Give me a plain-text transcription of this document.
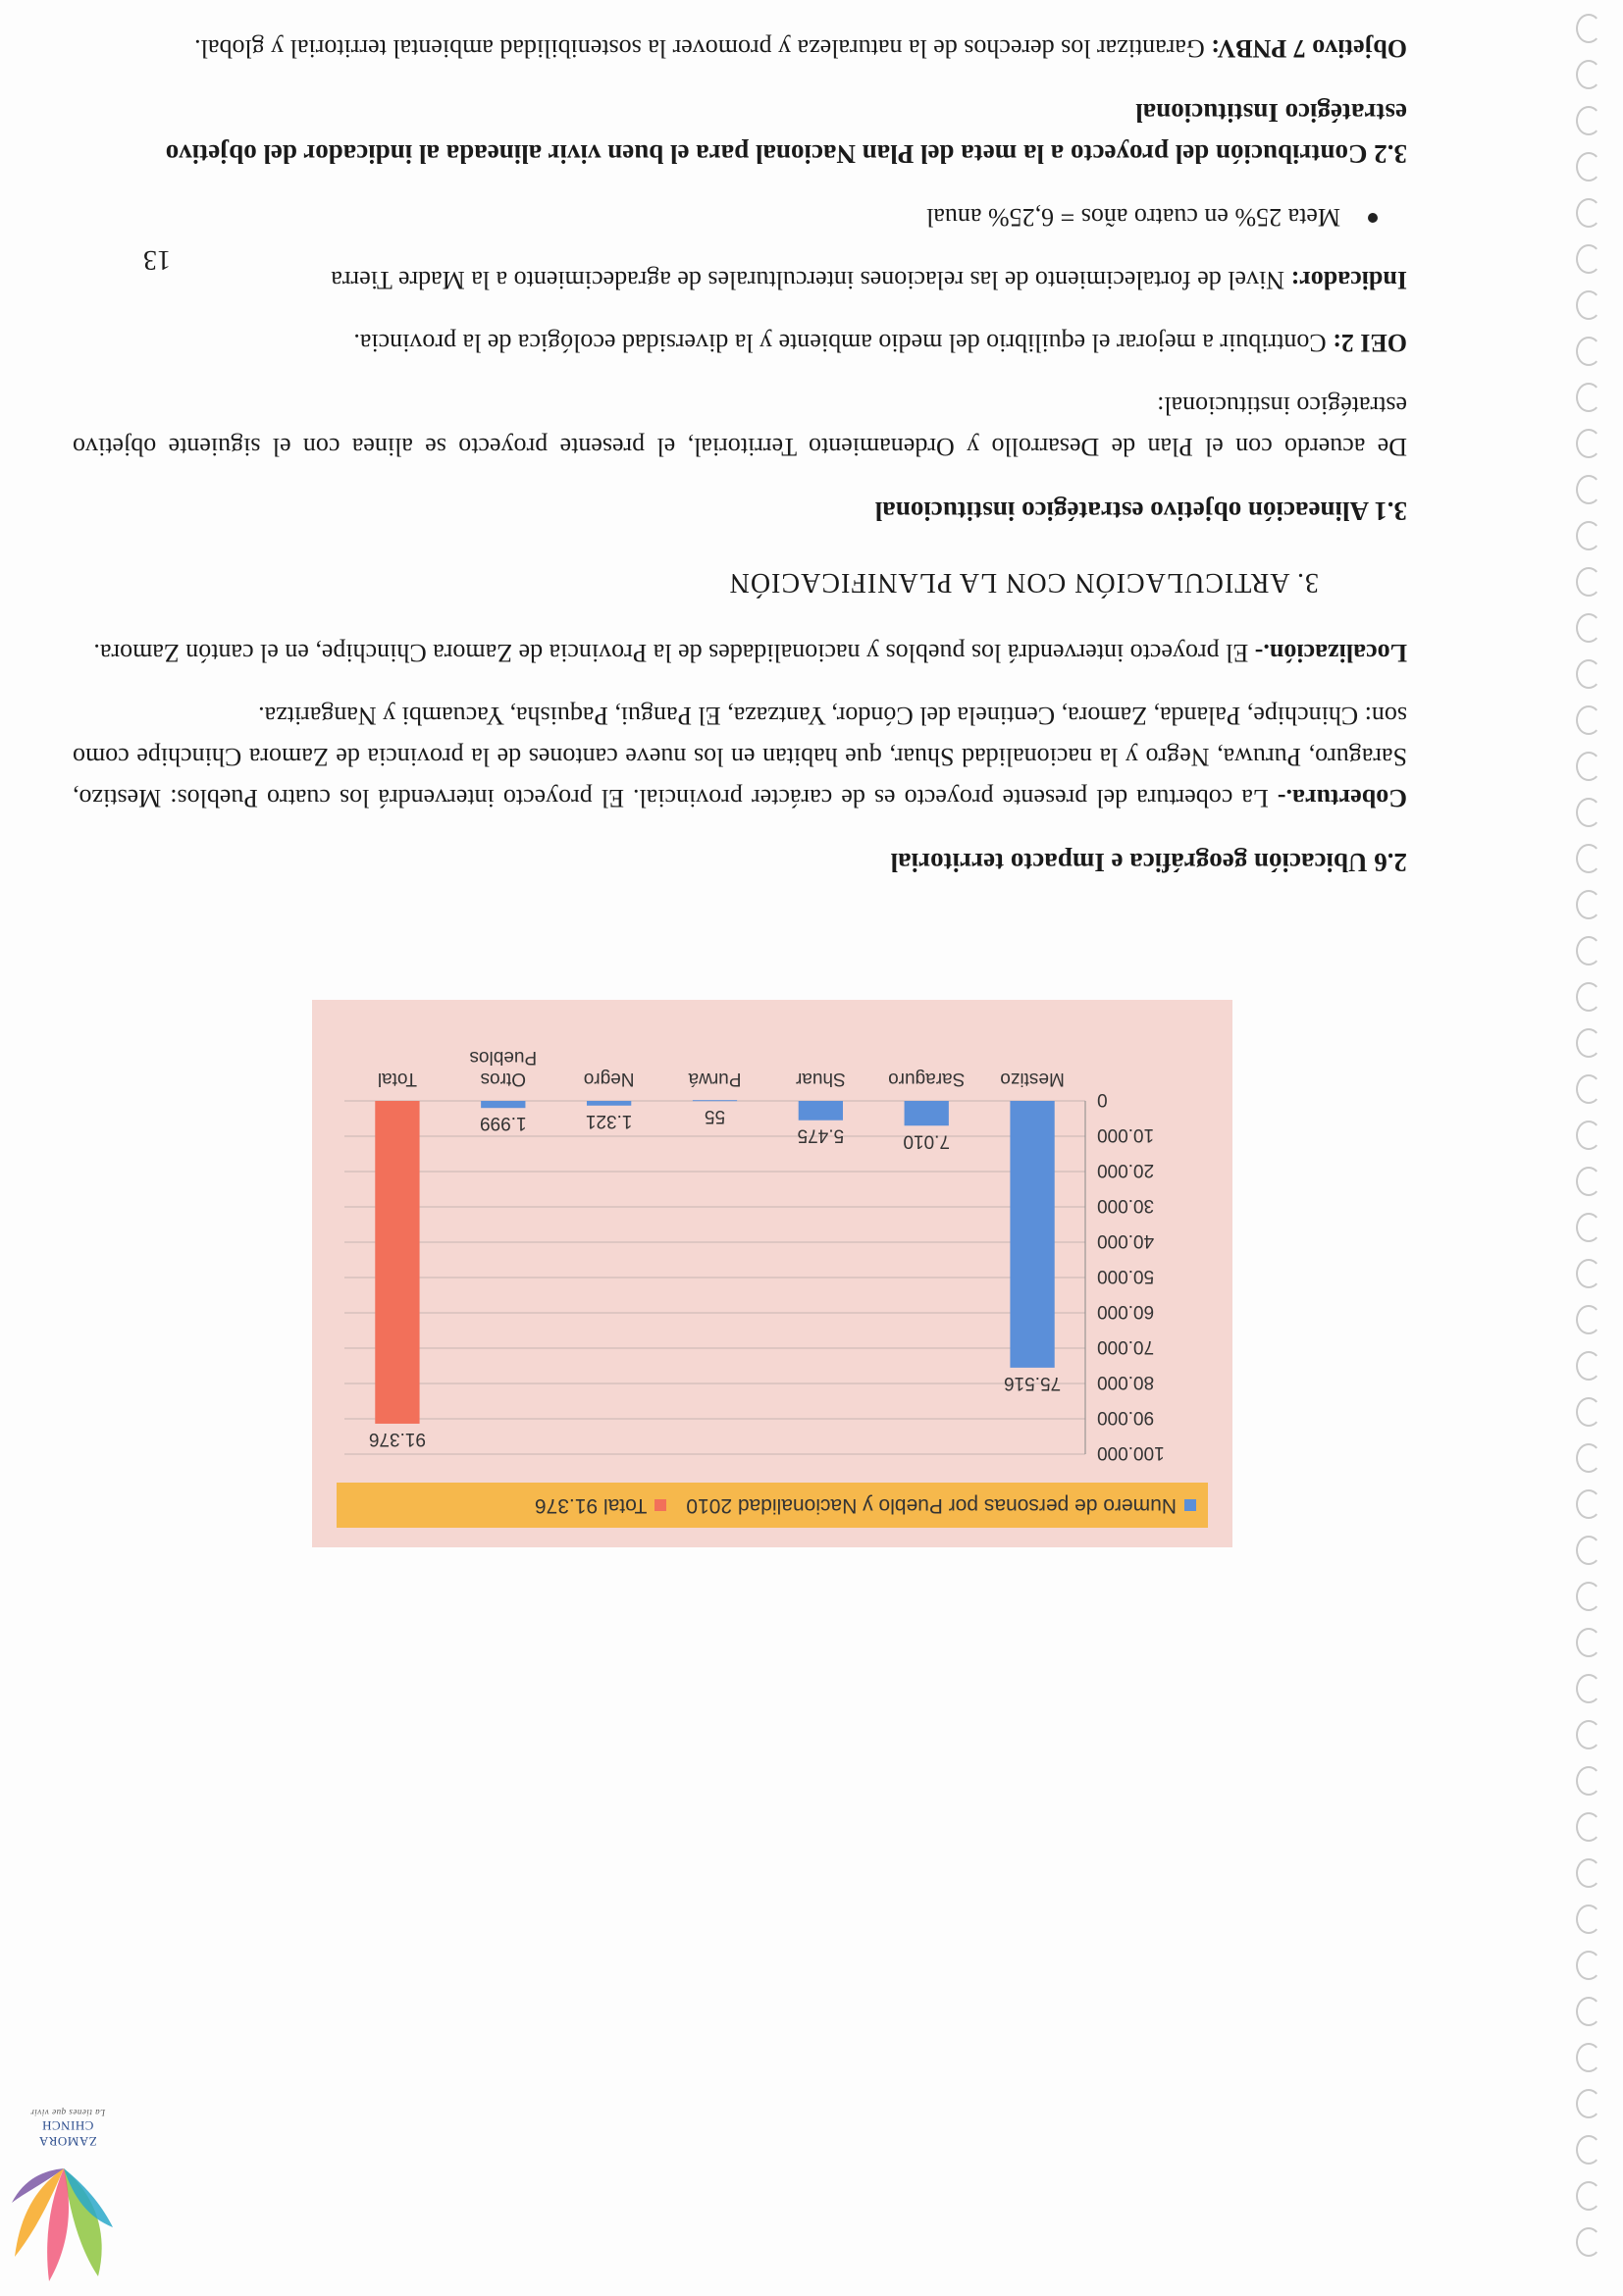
ZAMORA CHINCH
La tienes que vivir
Numero de personas por Pueblo y Nacionalidad 2010
Total 91.376
0
10.000
20.000
30.000
40.000
50.000
60.000
70.000
80.000
90.000
100.000
75.516
Mestizo
7.010
Saraguro
5.475
Shuar
55
Purwá
1.321
Negro
1.999
Otros
Pueblos
91.376
Total

2.6 Ubicación geográfica e Impacto territorial

Cobertura.- La cobertura del presente proyecto es de carácter provincial. El proyecto intervendrá los cuatro Pueblos: Mestizo, Saraguro, Puruwa, Negro y la nacionalidad Shuar, que habitan en los nueve cantones de la provincia de Zamora Chinchipe como son: Chinchipe, Palanda, Zamora, Centinela del Cóndor, Yantzaza, El Pangui, Paquisha, Yacuambi y Nangaritza.

Localización.- El proyecto intervendrá los pueblos y nacionalidades de la Provincia de Zamora Chinchipe, en el cantón Zamora.

3. ARTICULACIÓN CON LA PLANIFICACIÓN

3.1 Alineación objetivo estratégico institucional

De acuerdo con el Plan de Desarrollo y Ordenamiento Territorial, el presente proyecto se alinea con el siguiente objetivo estratégico institucional:

OEI 2: Contribuir a mejorar el equilibrio del medio ambiente y la diversidad ecológica de la provincia.

Indicador: Nivel de fortalecimiento de las relaciones interculturales de agradecimiento a la Madre Tierra

Meta 25% en cuatro años = 6,25% anual

3.2 Contribución del proyecto a la meta del Plan Nacional para el buen vivir alineada al indicador del objetivo estratégico Institucional

Objetivo 7 PNBV: Garantizar los derechos de la naturaleza y promover la sostenibilidad ambiental territorial y global.

13
